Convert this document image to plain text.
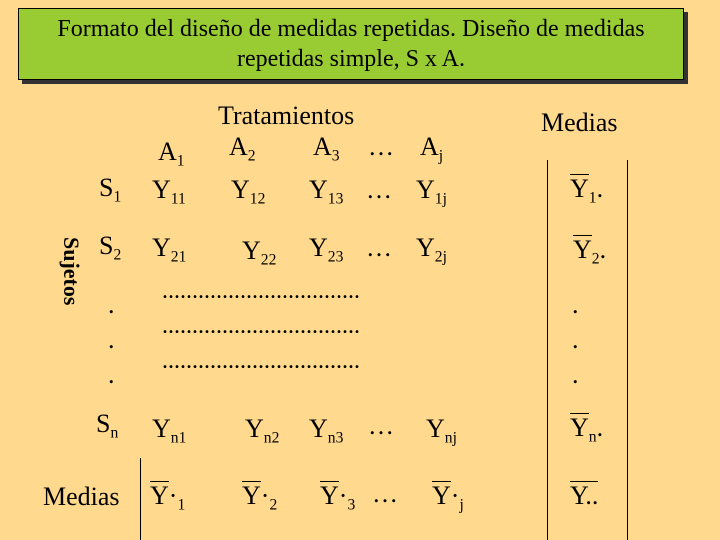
Formato del diseño de medidas repetidas. Diseño de medidas repetidas simple, S x A.
Tratamientos	Medias
$A_1$ $A_2$ $A_3$ … $A_j$
Sujetos
$S_1$ $Y_{11}$ $Y_{12}$ $Y_{13}$ … $Y_{1j}$	$Y_1$.
$S_2$ $Y_{21}$ $Y_{22}$ $Y_{23}$ … $Y_{2j}$	$Y_2$.
.
.
.
.................................
.................................
.................................
.
.
.
$S_n$ $Y_{n1}$ $Y_{n2}$ $Y_{n3}$ … $Y_{nj}$	$Y_n$.
Medias $Y\cdot_1$ $Y\cdot_2$ $Y\cdot_3$ … $Y\cdot_j$	Y..
